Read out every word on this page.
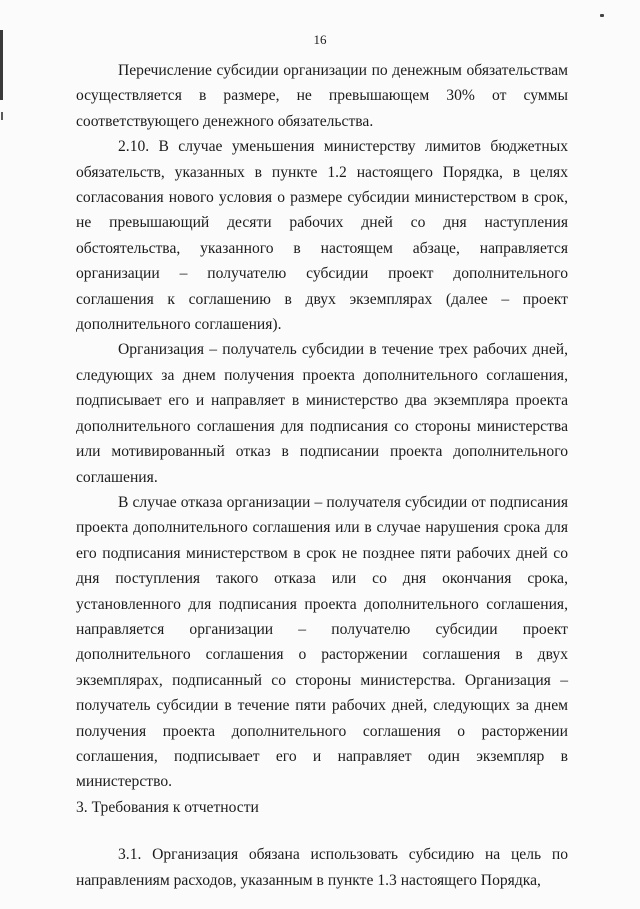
16

Перечисление субсидии организации по денежным обязательствам осуществляется в размере, не превышающем 30% от суммы соответствующего денежного обязательства.

2.10. В случае уменьшения министерству лимитов бюджетных обязательств, указанных в пункте 1.2 настоящего Порядка, в целях согласования нового условия о размере субсидии министерством в срок, не превышающий десяти рабочих дней со дня наступления обстоятельства, указанного в настоящем абзаце, направляется организации – получателю субсидии проект дополнительного соглашения к соглашению в двух экземплярах (далее – проект дополнительного соглашения).

Организация – получатель субсидии в течение трех рабочих дней, следующих за днем получения проекта дополнительного соглашения, подписывает его и направляет в министерство два экземпляра проекта дополнительного соглашения для подписания со стороны министерства или мотивированный отказ в подписании проекта дополнительного соглашения.

В случае отказа организации – получателя субсидии от подписания проекта дополнительного соглашения или в случае нарушения срока для его подписания министерством в срок не позднее пяти рабочих дней со дня поступления такого отказа или со дня окончания срока, установленного для подписания проекта дополнительного соглашения, направляется организации – получателю субсидии проект дополнительного соглашения о расторжении соглашения в двух экземплярах, подписанный со стороны министерства. Организация – получатель субсидии в течение пяти рабочих дней, следующих за днем получения проекта дополнительного соглашения о расторжении соглашения, подписывает его и направляет один экземпляр в министерство.

3. Требования к отчетности

3.1. Организация обязана использовать субсидию на цель по направлениям расходов, указанным в пункте 1.3 настоящего Порядка,
